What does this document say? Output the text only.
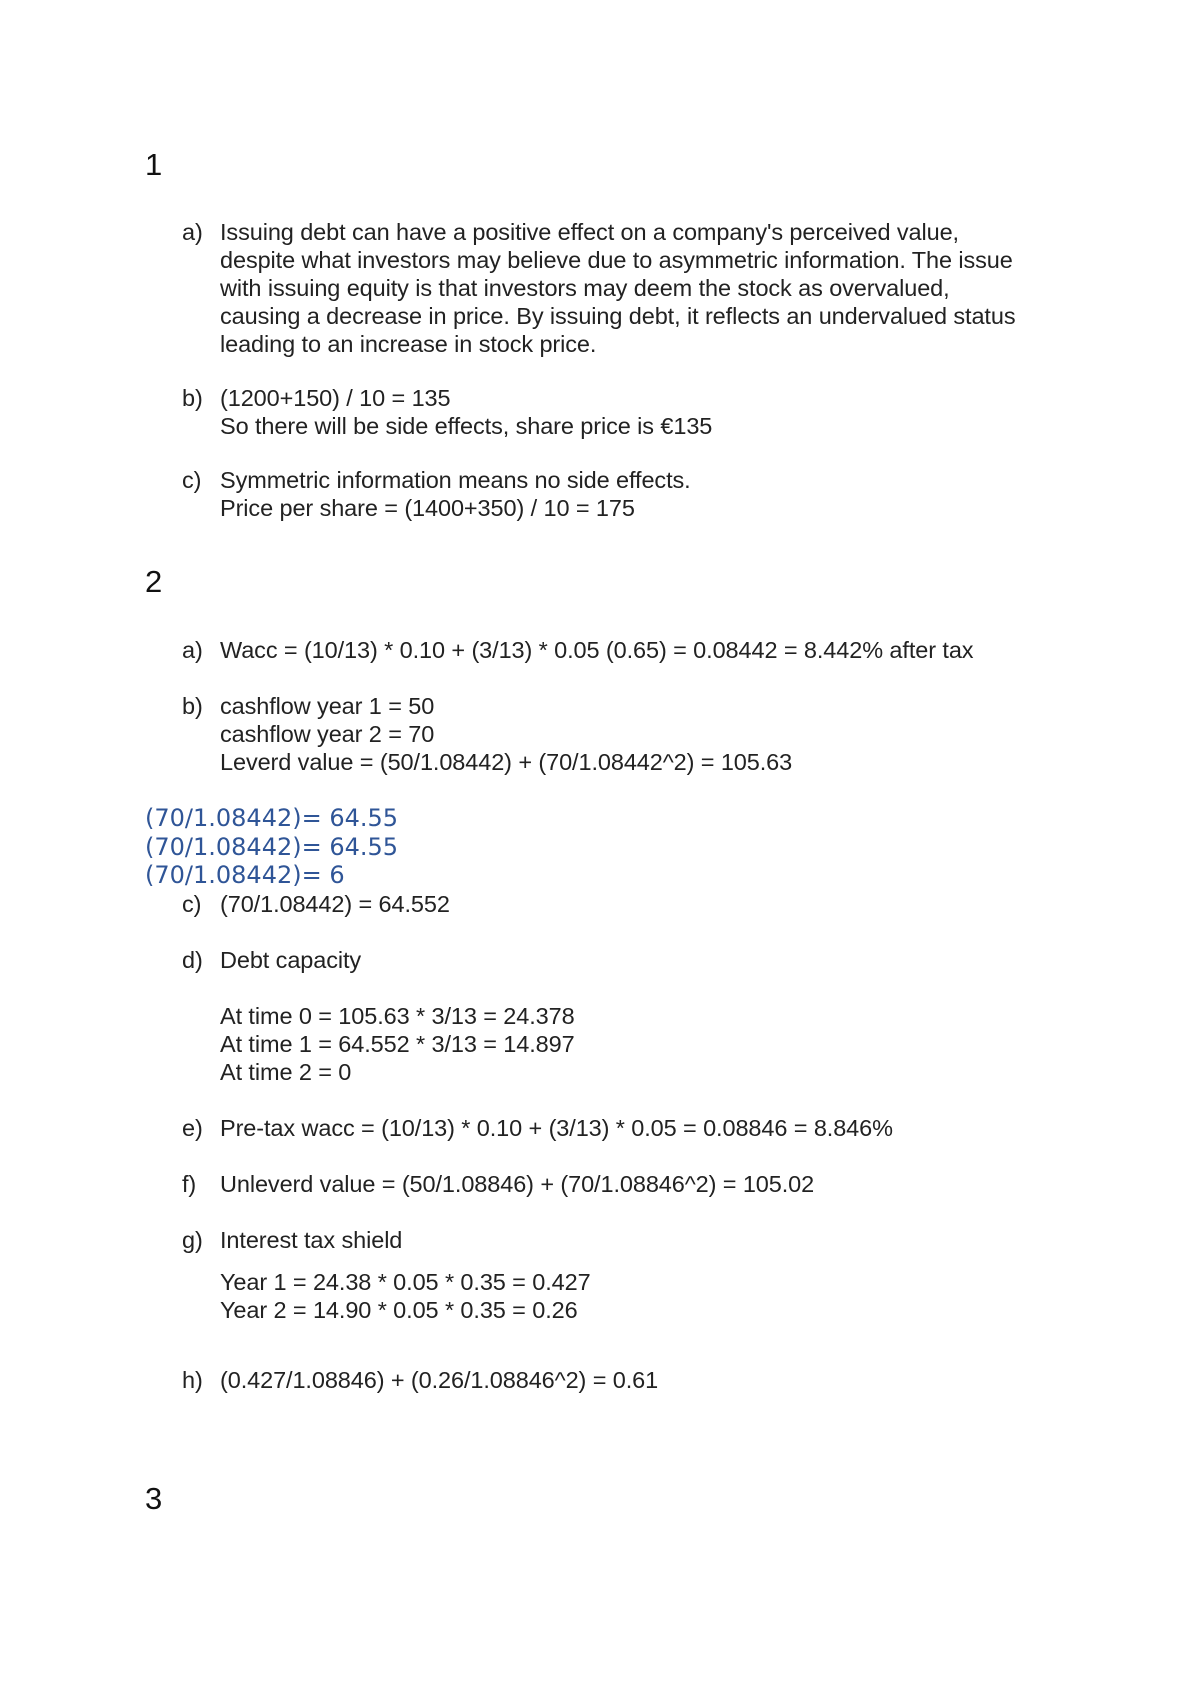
1
a) Issuing debt can have a positive effect on a company's perceived value,
despite what investors may believe due to asymmetric information. The issue
with issuing equity is that investors may deem the stock as overvalued,
causing a decrease in price. By issuing debt, it reflects an undervalued status
leading to an increase in stock price.
b) (1200+150) / 10 = 135
So there will be side effects, share price is €135
c) Symmetric information means no side effects.
Price per share = (1400+350) / 10 = 175
2
a) Wacc = (10/13) * 0.10 + (3/13) * 0.05 (0.65) = 0.08442 = 8.442% after tax
b) cashflow year 1 = 50
cashflow year 2 = 70
Leverd value = (50/1.08442) + (70/1.08442^2) = 105.63
(70/1.08442)= 64.55
(70/1.08442)= 64.55
(70/1.08442)= 6
c) (70/1.08442) = 64.552
d) Debt capacity
At time 0 = 105.63 * 3/13 = 24.378
At time 1 = 64.552 * 3/13 = 14.897
At time 2 = 0
e) Pre-tax wacc = (10/13) * 0.10 + (3/13) * 0.05 = 0.08846 = 8.846%
f) Unleverd value = (50/1.08846) + (70/1.08846^2) = 105.02
g) Interest tax shield
Year 1 = 24.38 * 0.05 * 0.35 = 0.427
Year 2 = 14.90 * 0.05 * 0.35 = 0.26
h) (0.427/1.08846) + (0.26/1.08846^2) = 0.61
3
